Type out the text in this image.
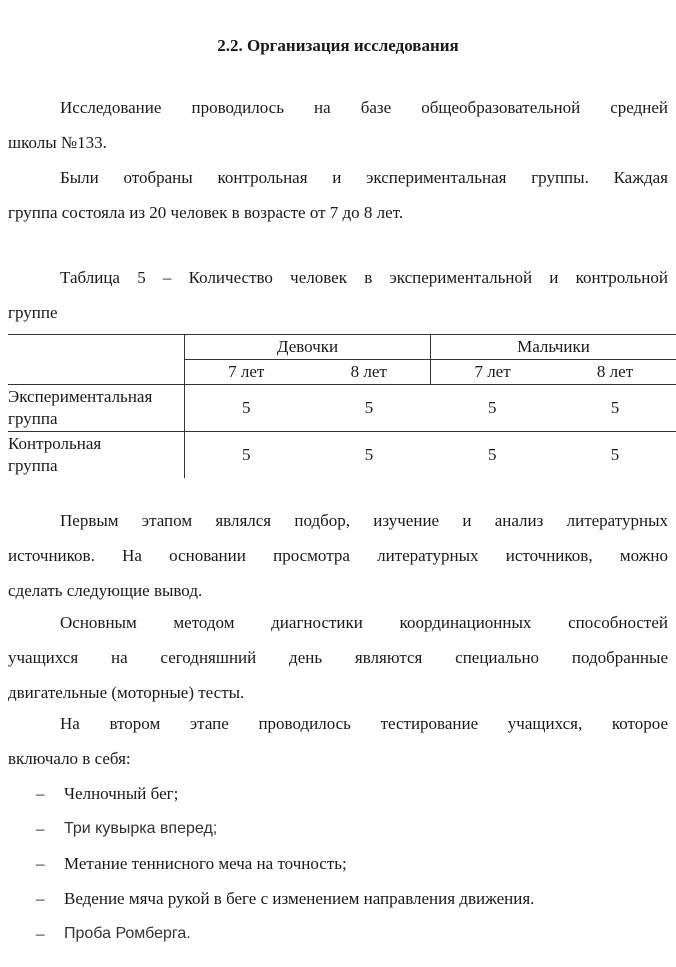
2.2. Организация исследования
Исследование проводилось на базе общеобразовательной средней
школы №133.
Были отобраны контрольная и экспериментальная группы. Каждая
группа состояла из 20 человек в возрасте от 7 до 8 лет.
Таблица 5 – Количество человек в экспериментальной и контрольной
группе
	Девочки		Мальчики	
	7 лет	8 лет	7 лет	8 лет

Экспериментальная
группа	5	5	5	5

Контрольная
группа	5	5	5	5
Первым этапом являлся подбор, изучение и анализ литературных
источников. На основании просмотра литературных источников, можно
сделать следующие вывод.
Основным методом диагностики координационных способностей
учащихся на сегодняшний день являются специально подобранные
двигательные (моторные) тесты.
На втором этапе проводилось тестирование учащихся, которое
включало в себя:
– Челночный бег;
– Три кувырка вперед;
– Метание теннисного меча на точность;
– Ведение мяча рукой в беге с изменением направления движения.
– Проба Ромберга.
